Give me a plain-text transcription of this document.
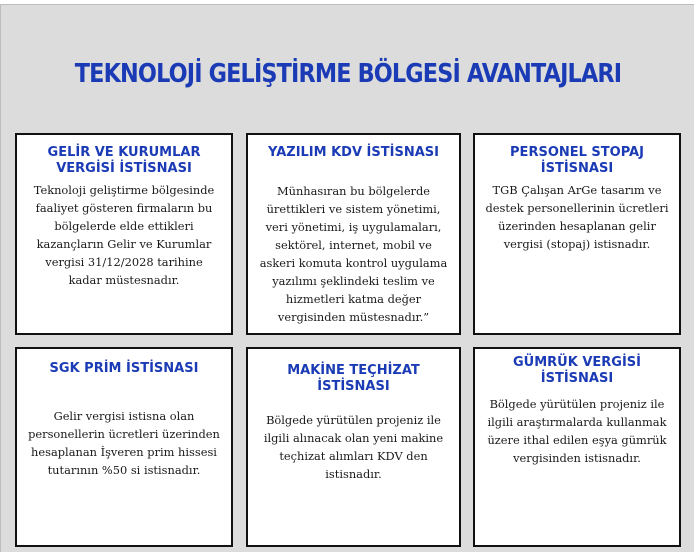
TEKNOLOJİ GELİŞTİRME BÖLGESİ AVANTAJLARI
GELİR VE KURUMLAR
VERGİSİ İSTİSNASI
Teknoloji geliştirme bölgesinde
faaliyet gösteren firmaların bu
bölgelerde elde ettikleri
kazançların Gelir ve Kurumlar
vergisi 31/12/2028 tarihine
kadar müstesnadır.
YAZILIM KDV İSTİSNASI
Münhasıran bu bölgelerde
ürettikleri ve sistem yönetimi,
veri yönetimi, iş uygulamaları,
sektörel, internet, mobil ve
askeri komuta kontrol uygulama
yazılımı şeklindeki teslim ve
hizmetleri katma değer
vergisinden müstesnadır.”
PERSONEL STOPAJ
İSTİSNASI
TGB Çalışan ArGe tasarım ve
destek personellerinin ücretleri
üzerinden hesaplanan gelir
vergisi (stopaj) istisnadır.
SGK PRİM İSTİSNASI
Gelir vergisi istisna olan
personellerin ücretleri üzerinden
hesaplanan İşveren prim hissesi
tutarının %50 si istisnadır.
MAKİNE TEÇHİZAT
İSTİSNASI
Bölgede yürütülen projeniz ile
ilgili alınacak olan yeni makine
teçhizat alımları KDV den
istisnadır.
GÜMRÜK VERGİSİ
İSTİSNASI
Bölgede yürütülen projeniz ile
ilgili araştırmalarda kullanmak
üzere ithal edilen eşya gümrük
vergisinden istisnadır.
